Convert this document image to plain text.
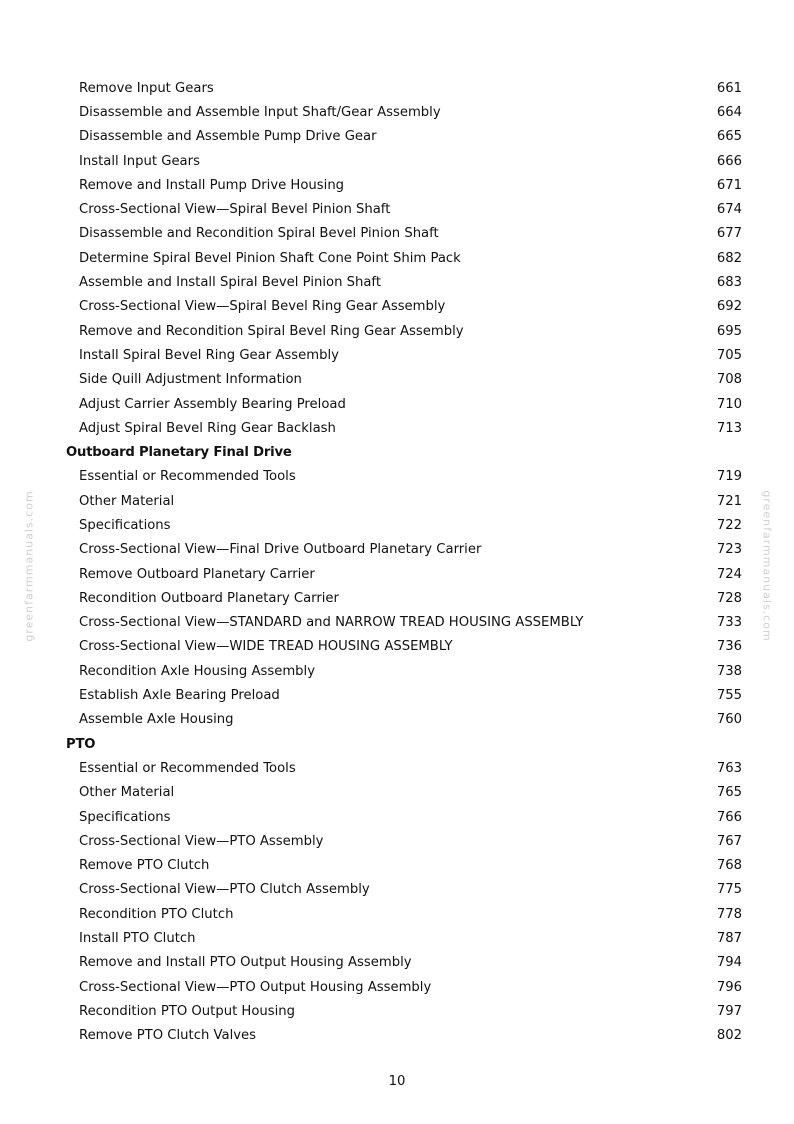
greenfarmmanuals.com	greenfarmmanuals.com
Remove Input Gears	661
Disassemble and Assemble Input Shaft/Gear Assembly	664
Disassemble and Assemble Pump Drive Gear	665
Install Input Gears	666
Remove and Install Pump Drive Housing	671
Cross-Sectional View—Spiral Bevel Pinion Shaft	674
Disassemble and Recondition Spiral Bevel Pinion Shaft	677
Determine Spiral Bevel Pinion Shaft Cone Point Shim Pack	682
Assemble and Install Spiral Bevel Pinion Shaft	683
Cross-Sectional View—Spiral Bevel Ring Gear Assembly	692
Remove and Recondition Spiral Bevel Ring Gear Assembly	695
Install Spiral Bevel Ring Gear Assembly	705
Side Quill Adjustment Information	708
Adjust Carrier Assembly Bearing Preload	710
Adjust Spiral Bevel Ring Gear Backlash	713
Outboard Planetary Final Drive
Essential or Recommended Tools	719
Other Material	721
Specifications	722
Cross-Sectional View—Final Drive Outboard Planetary Carrier	723
Remove Outboard Planetary Carrier	724
Recondition Outboard Planetary Carrier	728
Cross-Sectional View—STANDARD and NARROW TREAD HOUSING ASSEMBLY	733
Cross-Sectional View—WIDE TREAD HOUSING ASSEMBLY	736
Recondition Axle Housing Assembly	738
Establish Axle Bearing Preload	755
Assemble Axle Housing	760
PTO
Essential or Recommended Tools	763
Other Material	765
Specifications	766
Cross-Sectional View—PTO Assembly	767
Remove PTO Clutch	768
Cross-Sectional View—PTO Clutch Assembly	775
Recondition PTO Clutch	778
Install PTO Clutch	787
Remove and Install PTO Output Housing Assembly	794
Cross-Sectional View—PTO Output Housing Assembly	796
Recondition PTO Output Housing	797
Remove PTO Clutch Valves	802
10
